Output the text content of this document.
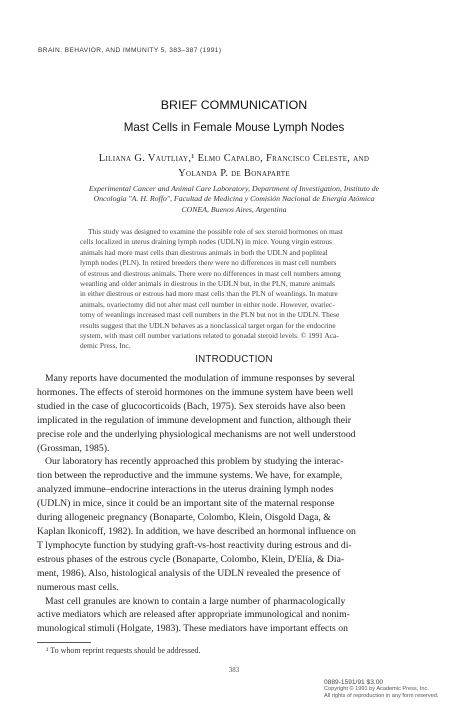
BRAIN, BEHAVIOR, AND IMMUNITY 5, 383–387 (1991)
BRIEF COMMUNICATION
Mast Cells in Female Mouse Lymph Nodes
Liliana G. Vautliay,¹ Elmo Capalbo, Francisco Celeste, and
Yolanda P. de Bonaparte
Experimental Cancer and Animal Care Laboratory, Department of Investigation, Instituto de
Oncología "A. H. Roffo", Facultad de Medicina y Comisión Nacional de Energía Atómica
CONEA, Buenos Aires, Argentina
This study was designed to examine the possible role of sex steroid hormones on mast
cells localized in uterus draining lymph nodes (UDLN) in mice. Young virgin estrous
animals had more mast cells than diestrous animals in both the UDLN and popliteal
lymph nodes (PLN). In retired breeders there were no differences in mast cell numbers
of estrous and diestrous animals. There were no differences in mast cell numbers among
weanling and older animals in diestrous in the UDLN but, in the PLN, mature animals
in either diestrous or estrous had more mast cells than the PLN of weanlings. In mature
animals, ovariectomy did not alter mast cell number in either node. However, ovariec-
tomy of weanlings increased mast cell numbers in the PLN but not in the UDLN. These
results suggest that the UDLN behaves as a nonclassical target organ for the endocrine
system, with mast cell number variations related to gonadal steroid levels. © 1991 Aca-
demic Press, Inc.
INTRODUCTION
Many reports have documented the modulation of immune responses by several
hormones. The effects of steroid hormones on the immune system have been well
studied in the case of glucocorticoids (Bach, 1975). Sex steroids have also been
implicated in the regulation of immune development and function, although their
precise role and the underlying physiological mechanisms are not well understood
(Grossman, 1985).
Our laboratory has recently approached this problem by studying the interac-
tion between the reproductive and the immune systems. We have, for example,
analyzed immune–endocrine interactions in the uterus draining lymph nodes
(UDLN) in mice, since it could be an important site of the maternal response
during allogeneic pregnancy (Bonaparte, Colombo, Klein, Oisgold Daga, &
Kaplan Ikonicoff, 1982). In addition, we have described an hormonal influence on
T lymphocyte function by studying graft-vs-host reactivity during estrous and di-
estrous phases of the estrous cycle (Bonaparte, Colombo, Klein, D'Elía, & Dia-
ment, 1986). Also, histological analysis of the UDLN revealed the presence of
numerous mast cells.
Mast cell granules are known to contain a large number of pharmacologically
active mediators which are released after appropriate immunological and nonim-
munological stimuli (Holgate, 1983). These mediators have important effects on
¹ To whom reprint requests should be addressed.
383
0889-1591/91 $3.00
Copyright © 1991 by Academic Press, Inc.
All rights of reproduction in any form reserved.
